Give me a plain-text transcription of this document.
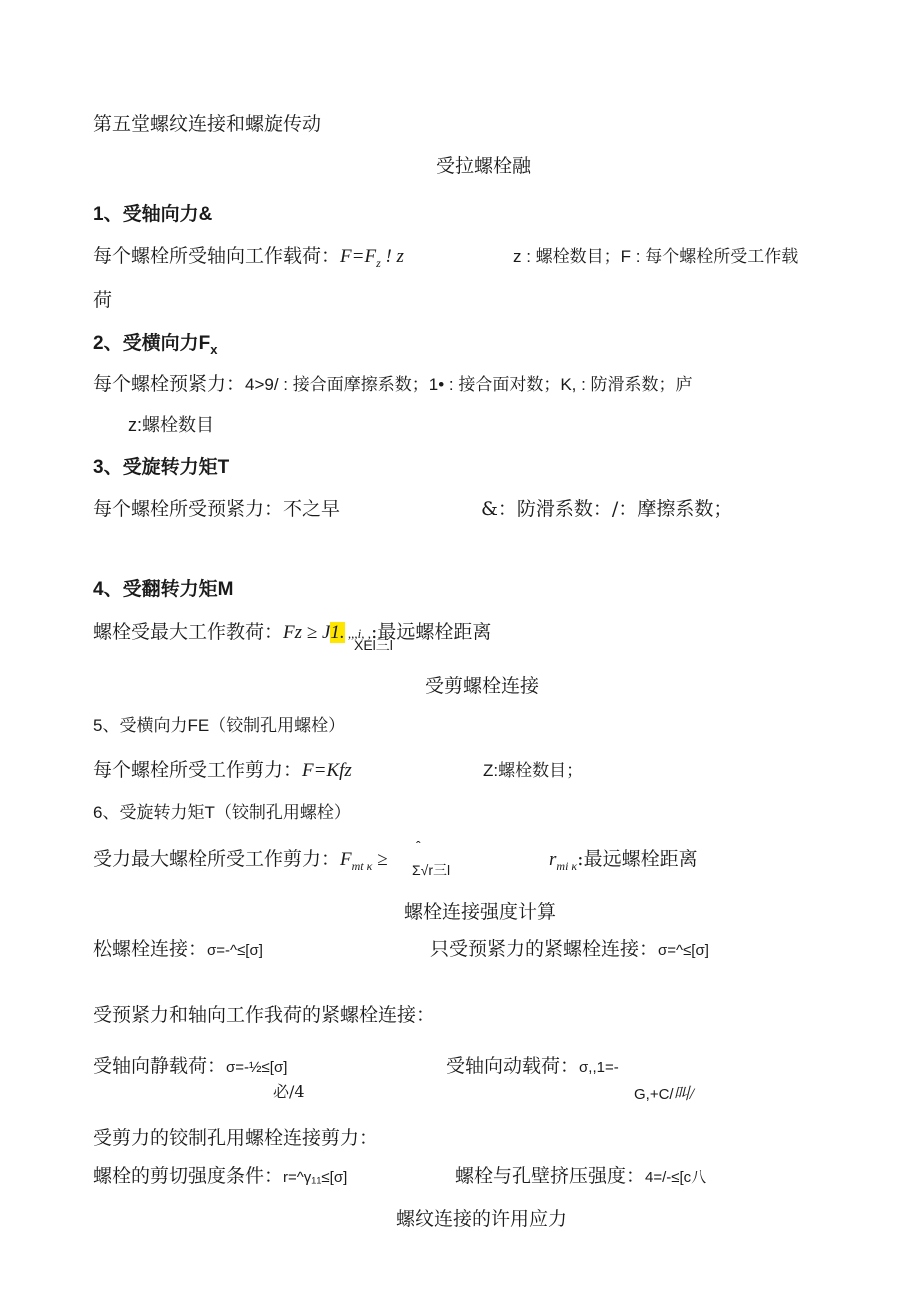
第五堂螺纹连接和螺旋传动
受拉螺栓融
1、受轴向力&
每个螺栓所受轴向工作载荷：$F=F_z$ ! z	z : 螺栓数目；F : 每个螺栓所受工作载
荷
2、受横向力$F_x$
每个螺栓预紧力：4>9/ : 接合面摩擦系数；1• : 接合面对数；K, : 防滑系数；庐
z:螺栓数目
3、受旋转力矩T
每个螺栓所受预紧力：不之早	&：防滑系数：/：摩擦系数；
4、受翻转力矩M
螺栓受最大工作教荷：Fz ≥ J1. ,,,i, ,:最远螺栓距离
XEl三l
受剪螺栓连接
5、受横向力FE（铰制孔用螺栓）
每个螺栓所受工作剪力：F=Kfz	Z:螺栓数目；
6、受旋转力矩T（铰制孔用螺栓）
受力最大螺栓所受工作剪力：$F_{mt \kappa}$ ≥
ˆ
Σ√r三l	$r_{mi \kappa}$:最远螺栓距离
螺栓连接强度计算
松螺栓连接：σ=-^≤[σ]	只受预紧力的紧螺栓连接：σ=^≤[σ]
受预紧力和轴向工作我荷的紧螺栓连接：
受轴向静载荷：σ=-½≤[σ]
必/4
受轴向动载荷：σ,,1=-
G,+C/叫/
受剪力的铰制孔用螺栓连接剪力：
螺栓的剪切强度条件：r=^γ₁₁≤[σ]	螺栓与孔壁挤压强度：4=/-≤[c八
螺纹连接的许用应力
